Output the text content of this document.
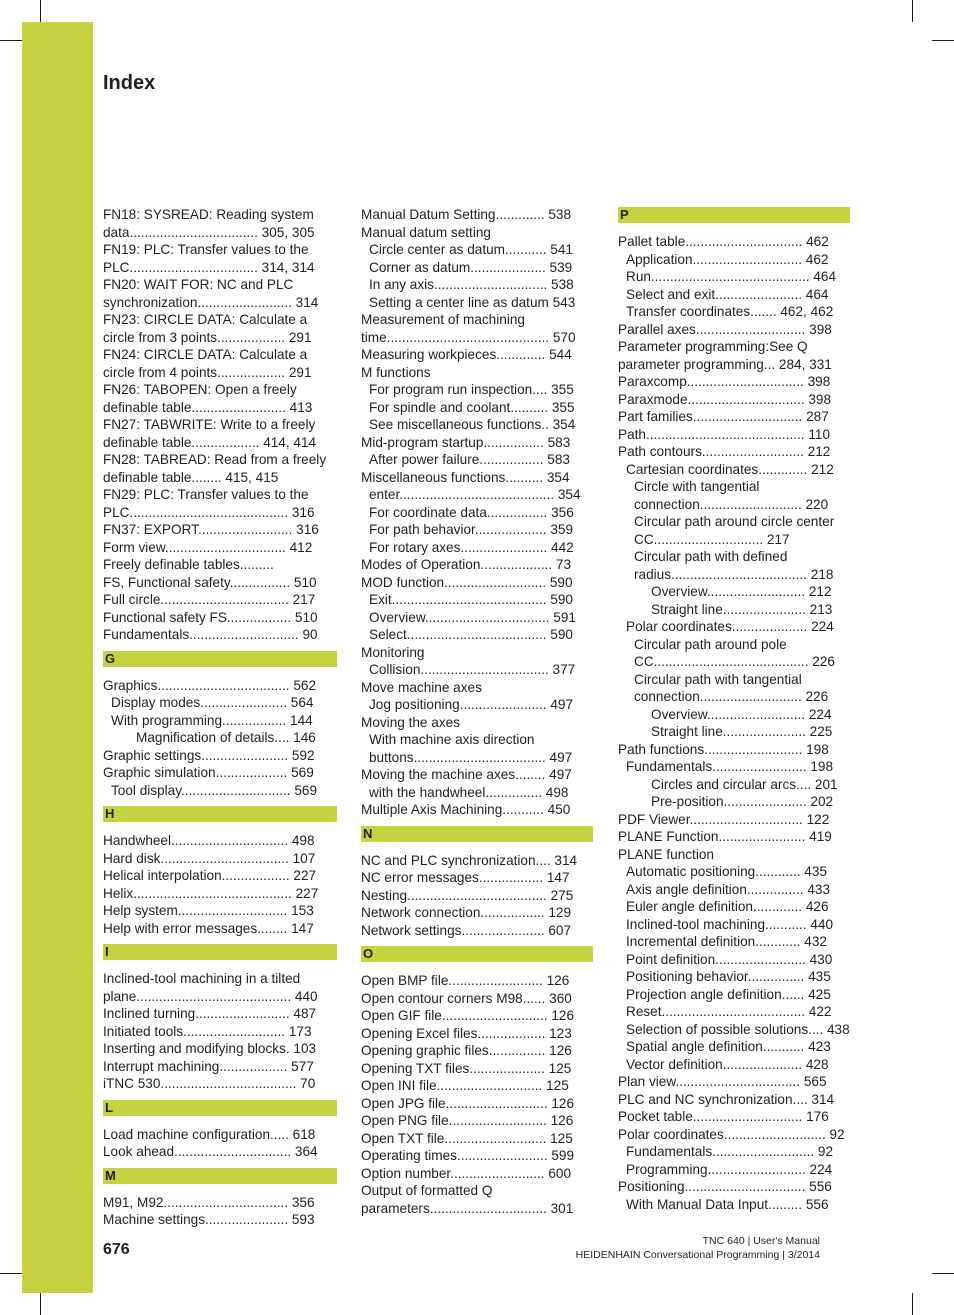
Index
FN18: SYSREAD: Reading system data.................................. 305, 305
FN19: PLC: Transfer values to the PLC.................................. 314, 314
FN20: WAIT FOR: NC and PLC synchronization......................... 314
FN23: CIRCLE DATA: Calculate a circle from 3 points.................. 291
FN24: CIRCLE DATA: Calculate a circle from 4 points.................. 291
FN26: TABOPEN: Open a freely definable table......................... 413
FN27: TABWRITE: Write to a freely definable table.................. 414, 414
FN28: TABREAD: Read from a freely definable table........ 415, 415
FN29: PLC: Transfer values to the PLC.......................................... 316
FN37: EXPORT......................... 316
Form view................................ 412
Freely definable tables.........
FS, Functional safety................ 510
Full circle.................................. 217
Functional safety FS................. 510
Fundamentals............................. 90
G
Graphics................................... 562
Display modes....................... 564
With programming................. 144
Magnification of details.... 146
Graphic settings....................... 592
Graphic simulation................... 569
Tool display............................. 569
H
Handwheel............................... 498
Hard disk.................................. 107
Helical interpolation.................. 227
Helix.......................................... 227
Help system............................. 153
Help with error messages........ 147
I
Inclined-tool machining in a tilted plane......................................... 440
Inclined turning......................... 487
Initiated tools........................... 173
Inserting and modifying blocks. 103
Interrupt machining.................. 577
iTNC 530.................................... 70
L
Load machine configuration..... 618
Look ahead............................... 364
M
M91, M92................................. 356
Machine settings...................... 593
Manual Datum Setting............. 538
Manual datum setting
Circle center as datum........... 541
Corner as datum.................... 539
In any axis.............................. 538
Setting a center line as datum 543
Measurement of machining time........................................... 570
Measuring workpieces............. 544
M functions
For program run inspection.... 355
For spindle and coolant.......... 355
See miscellaneous functions.. 354
Mid-program startup................ 583
After power failure................. 583
Miscellaneous functions.......... 354
enter......................................... 354
For coordinate data................ 356
For path behavior................... 359
For rotary axes....................... 442
Modes of Operation................... 73
MOD function........................... 590
Exit......................................... 590
Overview................................. 591
Select..................................... 590
Monitoring
Collision.................................. 377
Move machine axes
Jog positioning....................... 497
Moving the axes
With machine axis direction buttons................................... 497
Moving the machine axes........ 497
with the handwheel............... 498
Multiple Axis Machining........... 450
N
NC and PLC synchronization.... 314
NC error messages................. 147
Nesting..................................... 275
Network connection................. 129
Network settings...................... 607
O
Open BMP file......................... 126
Open contour corners M98...... 360
Open GIF file............................ 126
Opening Excel files.................. 123
Opening graphic files............... 126
Opening TXT files.................... 125
Open INI file............................ 125
Open JPG file........................... 126
Open PNG file.......................... 126
Open TXT file........................... 125
Operating times........................ 599
Option number......................... 600
Output of formatted Q parameters............................... 301
P
Pallet table............................... 462
Application............................. 462
Run.......................................... 464
Select and exit....................... 464
Transfer coordinates....... 462, 462
Parallel axes............................. 398
Parameter programming:See Q parameter programming... 284, 331
Paraxcomp............................... 398
Paraxmode............................... 398
Part families............................. 287
Path.......................................... 110
Path contours........................... 212
Cartesian coordinates............. 212
Circle with tangential connection........................... 220
Circular path around circle center CC............................. 217
Circular path with defined radius.................................... 218
Overview.......................... 212
Straight line...................... 213
Polar coordinates.................... 224
Circular path around pole CC......................................... 226
Circular path with tangential connection........................... 226
Overview.......................... 224
Straight line...................... 225
Path functions.......................... 198
Fundamentals......................... 198
Circles and circular arcs.... 201
Pre-position...................... 202
PDF Viewer.............................. 122
PLANE Function....................... 419
PLANE function
Automatic positioning............ 435
Axis angle definition............... 433
Euler angle definition............. 426
Inclined-tool machining........... 440
Incremental definition............ 432
Point definition........................ 430
Positioning behavior............... 435
Projection angle definition...... 425
Reset...................................... 422
Selection of possible solutions.... 438
Spatial angle definition........... 423
Vector definition..................... 428
Plan view................................. 565
PLC and NC synchronization.... 314
Pocket table............................. 176
Polar coordinates........................... 92
Fundamentals........................... 92
Programming.......................... 224
Positioning................................ 556
With Manual Data Input......... 556
676	TNC 640 | User's Manual
HEIDENHAIN Conversational Programming | 3/2014
